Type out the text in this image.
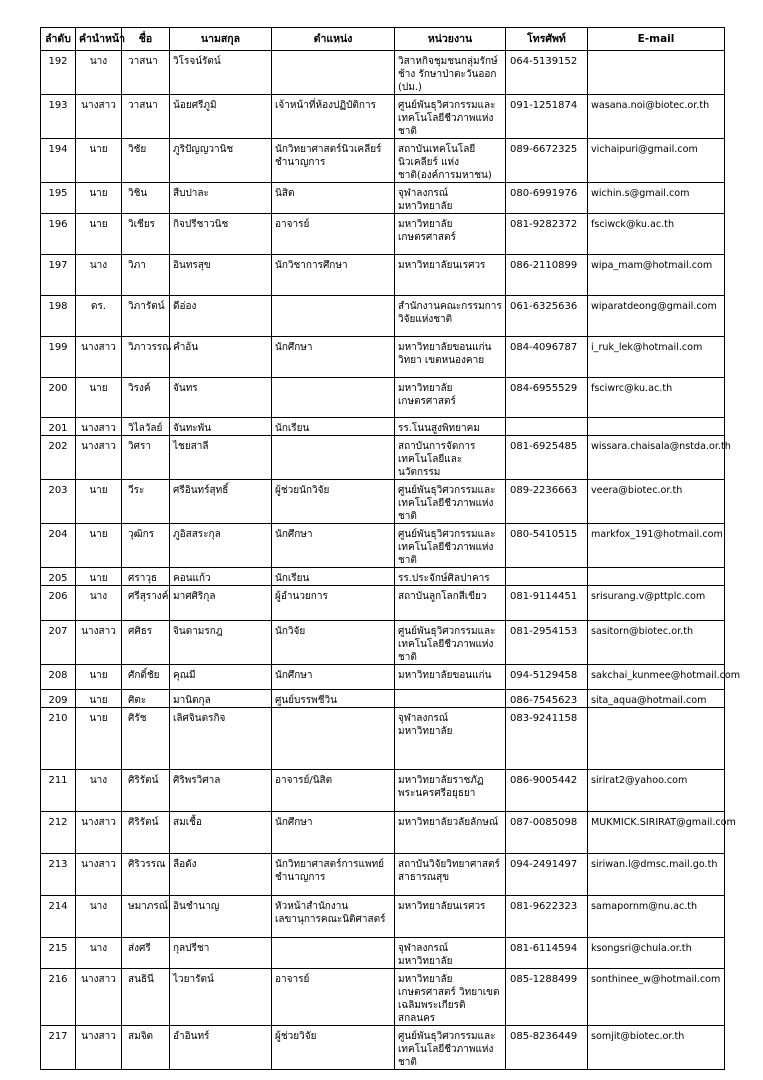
ลำดับ	คำนำหน้า	ชื่อ	นามสกุล	ตำแหน่ง	หน่วยงาน	โทรศัพท์	E-mail
192	นาง	วาสนา	วิโรจน์รัตน์		วิสาหกิจชุมชนกลุ่มรักษ์ช้าง รักษาป่าตะวันออก (ปม.)	064-5139152	
193	นางสาว	วาสนา	น้อยศรีภูมิ	เจ้าหน้าที่ห้องปฏิบัติการ	ศูนย์พันธุวิศวกรรมและ เทคโนโลยีชีวภาพแห่งชาติ	091-1251874	wasana.noi@biotec.or.th
194	นาย	วิชัย	ภูริปัญญวานิช	นักวิทยาศาสตร์นิวเคลียร์ ชำนาญการ	สถาบันเทคโนโลยีนิวเคลียร์ แห่งชาติ(องค์การมหาชน)	089-6672325	vichaipuri@gmail.com
195	นาย	วิชิน	สืบปาละ	นิสิต	จุฬาลงกรณ์มหาวิทยาลัย	080-6991976	wichin.s@gmail.com
196	นาย	วิเชียร	กิจปรีชาวนิช	อาจารย์	มหาวิทยาลัยเกษตรศาสตร์	081-9282372	fsciwck@ku.ac.th
197	นาง	วิภา	อินทรสุข	นักวิชาการศึกษา	มหาวิทยาลัยนเรศวร	086-2110899	wipa_mam@hotmail.com
198	ดร.	วิภารัตน์	ดีอ่อง		สำนักงานคณะกรรมการ วิจัยแห่งชาติ	061-6325636	wiparatdeong@gmail.com
199	นางสาว	วิภาวรรณ	คำอ้น	นักศึกษา	มหาวิทยาลัยขอนแก่น วิทยา เขตหนองคาย	084-4096787	i_ruk_lek@hotmail.com
200	นาย	วิรงค์	จันทร		มหาวิทยาลัยเกษตรศาสตร์	084-6955529	fsciwrc@ku.ac.th
201	นางสาว	วิไลวัลย์	จันทะพัน	นักเรียน	รร.โนนสูงพิทยาคม		
202	นางสาว	วิศรา	ไชยสาลี		สถาบันการจัดการ เทคโนโลยีและนวัตกรรม	081-6925485	wissara.chaisala@nstda.or.th
203	นาย	วีระ	ศรีอินทร์สุทธิ์	ผู้ช่วยนักวิจัย	ศูนย์พันธุวิศวกรรมและ เทคโนโลยีชีวภาพแห่งชาติ	089-2236663	veera@biotec.or.th
204	นาย	วุฒิกร	ภูอิสสระกุล	นักศึกษา	ศูนย์พันธุวิศวกรรมและ เทคโนโลยีชีวภาพแห่งชาติ	080-5410515	markfox_191@hotmail.com
205	นาย	ศราวุธ	คอนแก้ว	นักเรียน	รร.ประจักษ์ศิลปาคาร		
206	นาง	ศรีสุรางค์	มาศศิริกุล	ผู้อำนวยการ	สถาบันลูกโลกสีเขียว	081-9114451	srisurang.v@pttplc.com
207	นางสาว	ศศิธร	จินดามรกฎ	นักวิจัย	ศูนย์พันธุวิศวกรรมและ เทคโนโลยีชีวภาพแห่งชาติ	081-2954153	sasitorn@biotec.or.th
208	นาย	ศักดิ์ชัย	คุณมี	นักศึกษา	มหาวิทยาลัยขอนแก่น	094-5129458	sakchai_kunmee@hotmail.com
209	นาย	ศิตะ	มานิตกุล	ศูนย์บรรพชีวิน		086-7545623	sita_aqua@hotmail.com
210	นาย	ศิรัช	เลิศจินตรกิจ		จุฬาลงกรณ์มหาวิทยาลัย	083-9241158	
211	นาง	ศิริรัตน์	ศิริพรวิศาล	อาจารย์/นิสิต	มหาวิทยาลัยราชภัฏ พระนครศรีอยุธยา	086-9005442	sirirat2@yahoo.com
212	นางสาว	ศิริรัตน์	สมเชื้อ	นักศึกษา	มหาวิทยาลัยวลัยลักษณ์	087-0085098	MUKMICK.SIRIRAT@gmail.com
213	นางสาว	ศิริวรรณ	ลือดัง	นักวิทยาศาสตร์การแพทย์ ชำนาญการ	สถาบันวิจัยวิทยาศาสตร์ สาธารณสุข	094-2491497	siriwan.l@dmsc.mail.go.th
214	นาง	ษมาภรณ์	อินชำนาญ	หัวหน้าสำนักงาน เลขานุการคณะนิติศาสตร์	มหาวิทยาลัยนเรศวร	081-9622323	samapornm@nu.ac.th
215	นาง	ส่งศรี	กุลปรีชา		จุฬาลงกรณ์มหาวิทยาลัย	081-6114594	ksongsri@chula.or.th
216	นางสาว	สนธินี	ไวยารัตน์	อาจารย์	มหาวิทยาลัยเกษตรศาสตร์ วิทยาเขตเฉลิมพระเกียรติ สกลนคร	085-1288499	sonthinee_w@hotmail.com
217	นางสาว	สมจิต	อำอินทร์	ผู้ช่วยวิจัย	ศูนย์พันธุวิศวกรรมและ เทคโนโลยีชีวภาพแห่งชาติ	085-8236449	somjit@biotec.or.th
